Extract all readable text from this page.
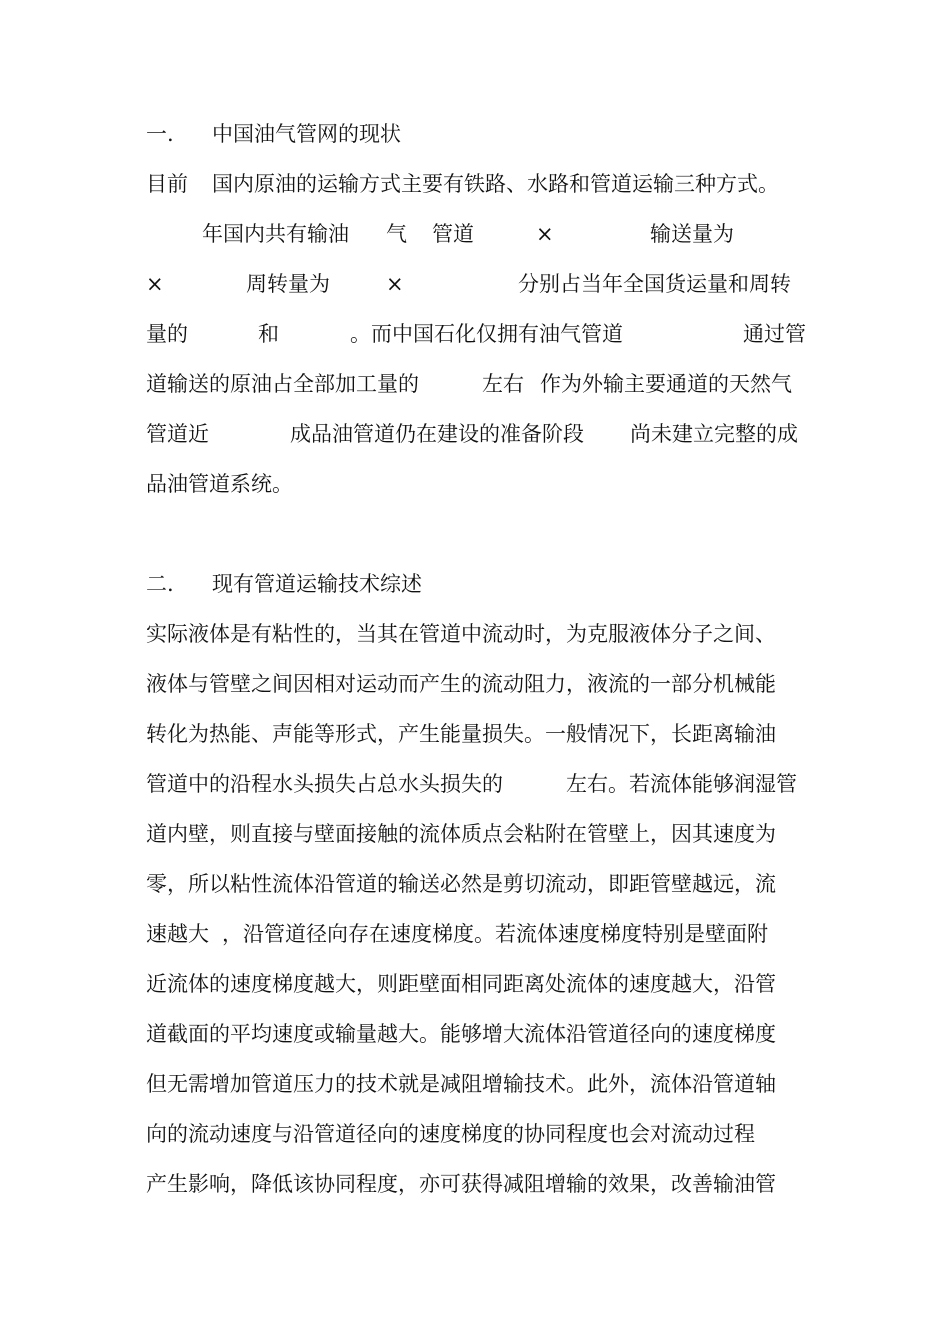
一. 中国油气管网的现状
目前 国内原油的运输方式主要有铁路、水路和管道运输三种方式。
年国内共有输油 气 管道	×	输送量为
×	周转量为	×	分别占当年全国货运量和周转
量的	和	。而中国石化仅拥有油气管道	通过管
道输送的原油占全部加工量的	左右 作为外输主要通道的天然气
管道近	成品油管道仍在建设的准备阶段 尚未建立完整的成
品油管道系统。
二. 现有管道运输技术综述
实际液体是有粘性的，当其在管道中流动时，为克服液体分子之间、
液体与管壁之间因相对运动而产生的流动阻力，液流的一部分机械能
转化为热能、声能等形式，产生能量损失。一般情况下，长距离输油
管道中的沿程水头损失占总水头损失的	左右。若流体能够润湿管
道内壁，则直接与壁面接触的流体质点会粘附在管壁上，因其速度为
零，所以粘性流体沿管道的输送必然是剪切流动，即距管壁越远，流
速越大 ，沿管道径向存在速度梯度。若流体速度梯度特别是壁面附
近流体的速度梯度越大，则距壁面相同距离处流体的速度越大，沿管
道截面的平均速度或输量越大。能够增大流体沿管道径向的速度梯度
但无需增加管道压力的技术就是减阻增输技术。此外，流体沿管道轴
向的流动速度与沿管道径向的速度梯度的协同程度也会对流动过程
产生影响，降低该协同程度，亦可获得减阻增输的效果，改善输油管
